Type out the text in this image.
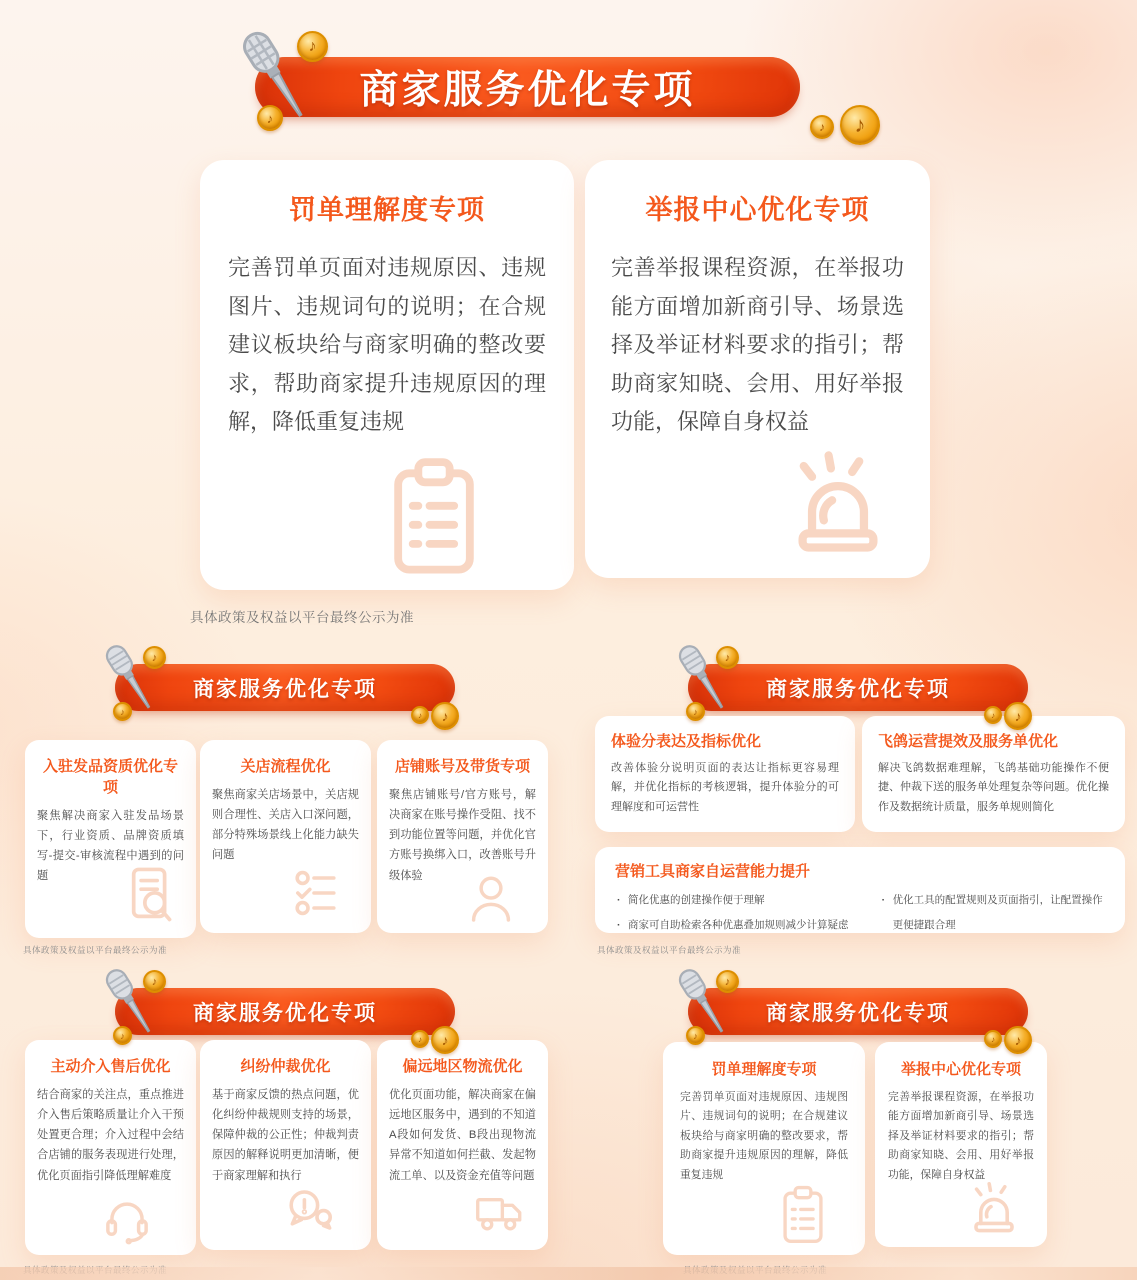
♪
♪
♪
♪
商家服务优化专项
罚单理解度专项

完善罚单页面对违规原因、违规图片、违规词句的说明；在合规建议板块给与商家明确的整改要求，帮助商家提升违规原因的理解，降低重复违规

举报中心优化专项

完善举报课程资源，在举报功能方面增加新商引导、场景选择及举证材料要求的指引；帮助商家知晓、会用、用好举报功能，保障自身权益

具体政策及权益以平台最终公示为准
♪
♪
♪
♪
商家服务优化专项
入驻发品资质优化专项

聚焦解决商家入驻发品场景下，行业资质、品牌资质填写-提交-审核流程中遇到的问题

关店流程优化

聚焦商家关店场景中，关店规则合理性、关店入口深问题，部分特殊场景线上化能力缺失问题

店铺账号及带货专项

聚焦店铺账号/官方账号，解决商家在账号操作受阻、找不到功能位置等问题，并优化官方账号换绑入口，改善账号升级体验

具体政策及权益以平台最终公示为准
♪
♪
♪
♪
商家服务优化专项
体验分表达及指标优化

改善体验分说明页面的表达让指标更容易理解，并优化指标的考核逻辑，提升体验分的可理解度和可运营性

飞鸽运营提效及服务单优化

解决飞鸽数据难理解，飞鸽基础功能操作不便捷、仲裁下送的服务单处理复杂等问题。优化操作及数据统计质量，服务单规则简化

营销工具商家自运营能力提升
· 简化优惠的创建操作便于理解
· 商家可自助检索各种优惠叠加规则减少计算疑虑
· 优化工具的配置规则及页面指引，让配置操作更便捷跟合理
具体政策及权益以平台最终公示为准
♪
♪
♪
♪
商家服务优化专项
主动介入售后优化

结合商家的关注点，重点推进介入售后策略质量让介入干预处置更合理；介入过程中会结合店铺的服务表现进行处理，优化页面指引降低理解难度

纠纷仲裁优化

基于商家反馈的热点问题，优化纠纷仲裁规则支持的场景，保障仲裁的公正性；仲裁判责原因的解释说明更加清晰，便于商家理解和执行

偏远地区物流优化

优化页面功能，解决商家在偏远地区服务中，遇到的不知道A段如何发货、B段出现物流异常不知道如何拦截、发起物流工单、以及资金充值等问题

♪
♪
♪
♪
商家服务优化专项
罚单理解度专项

完善罚单页面对违规原因、违规图片、违规词句的说明；在合规建议板块给与商家明确的整改要求，帮助商家提升违规原因的理解，降低重复违规

举报中心优化专项

完善举报课程资源，在举报功能方面增加新商引导、场景选择及举证材料要求的指引；帮助商家知晓、会用、用好举报功能，保障自身权益
